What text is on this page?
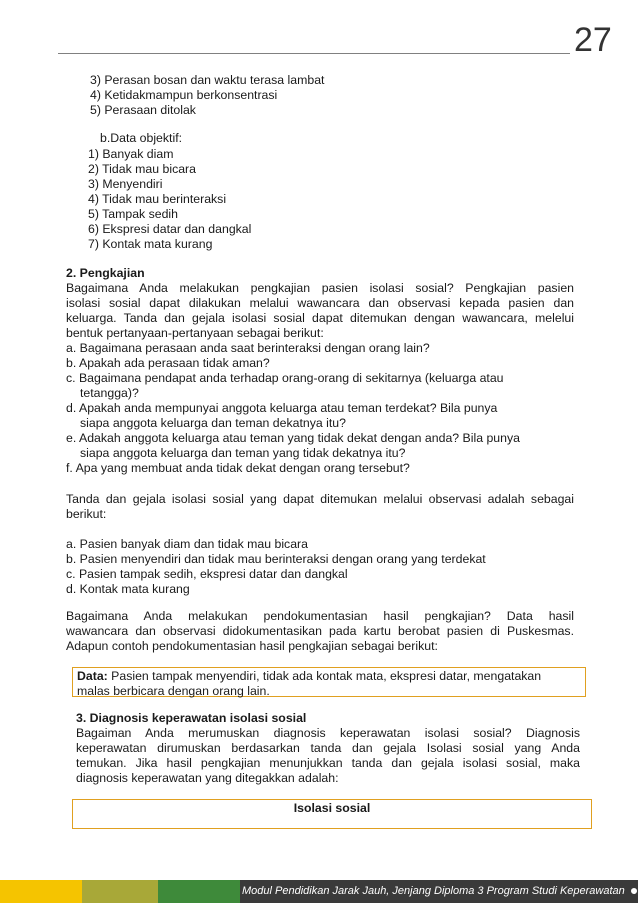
27
3) Perasan bosan dan waktu terasa lambat
4) Ketidakmampun berkonsentrasi
5) Perasaan ditolak
b.Data objektif:
1) Banyak diam
2) Tidak mau bicara
3) Menyendiri
4) Tidak mau berinteraksi
5) Tampak sedih
6) Ekspresi datar dan dangkal
7) Kontak mata kurang
2. Pengkajian
Bagaimana Anda melakukan pengkajian pasien isolasi sosial? Pengkajian pasien
isolasi sosial dapat dilakukan melalui wawancara dan observasi kepada pasien dan
keluarga. Tanda dan gejala isolasi sosial dapat ditemukan dengan wawancara, melelui
bentuk pertanyaan-pertanyaan sebagai berikut:
a. Bagaimana perasaan anda saat berinteraksi dengan orang lain?
b. Apakah ada perasaan tidak aman?
c. Bagaimana pendapat anda terhadap orang-orang di sekitarnya (keluarga atau
tetangga)?
d. Apakah anda mempunyai anggota keluarga atau teman terdekat? Bila punya
siapa anggota keluarga dan teman dekatnya itu?
e. Adakah anggota keluarga atau teman yang tidak dekat dengan anda? Bila punya
siapa anggota keluarga dan teman yang tidak dekatnya itu?
f. Apa yang membuat anda tidak dekat dengan orang tersebut?
Tanda dan gejala isolasi sosial yang dapat ditemukan melalui observasi adalah sebagai
berikut:
a. Pasien banyak diam dan tidak mau bicara
b. Pasien menyendiri dan tidak mau berinteraksi dengan orang yang terdekat
c. Pasien tampak sedih, ekspresi datar dan dangkal
d. Kontak mata kurang
Bagaimana Anda melakukan pendokumentasian hasil pengkajian? Data hasil
wawancara dan observasi didokumentasikan pada kartu berobat pasien di Puskesmas.
Adapun contoh pendokumentasian hasil pengkajian sebagai berikut:
Data: Pasien tampak menyendiri, tidak ada kontak mata, ekspresi datar, mengatakan
malas berbicara dengan orang lain.
3. Diagnosis keperawatan isolasi sosial
Bagaiman Anda merumuskan diagnosis keperawatan isolasi sosial? Diagnosis
keperawatan dirumuskan berdasarkan tanda dan gejala Isolasi sosial yang Anda
temukan. Jika hasil pengkajian menunjukkan tanda dan gejala isolasi sosial, maka
diagnosis keperawatan yang ditegakkan adalah:
Isolasi sosial
Modul Pendidikan Jarak Jauh, Jenjang Diploma 3 Program Studi Keperawatan
